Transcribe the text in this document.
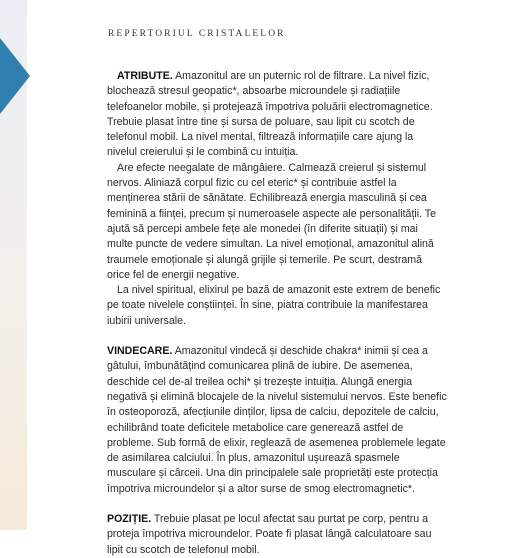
REPERTORIUL CRISTALELOR
ATRIBUTE. Amazonitul are un puternic rol de filtrare. La nivel fizic,
blochează stresul geopatic*, absoarbe microundele și radiațiile
telefoanelor mobile, și protejează împotriva poluării electromagnetice.
Trebuie plasat între tine și sursa de poluare, sau lipit cu scotch de
telefonul mobil. La nivel mental, filtrează informațiile care ajung la
nivelul creierului și le combină cu intuiția.
Are efecte neegalate de mângâiere. Calmează creierul și sistemul
nervos. Aliniază corpul fizic cu cel eteric* și contribuie astfel la
menținerea stării de sănătate. Echilibrează energia masculină și cea
feminină a ființei, precum și numeroasele aspecte ale personalității. Te
ajută să percepi ambele fețe ale monedei (în diferite situații) și mai
multe puncte de vedere simultan. La nivel emoțional, amazonitul alină
traumele emoționale și alungă grijile și temerile. Pe scurt, destramă
orice fel de energii negative.
La nivel spiritual, elixirul pe bază de amazonit este extrem de benefic
pe toate nivelele conștiinței. În sine, piatra contribuie la manifestarea
iubirii universale.
VINDECARE. Amazonitul vindecă și deschide chakra* inimii și cea a
gâtului, îmbunătățind comunicarea plină de iubire. De asemenea,
deschide cel de-al treilea ochi* și trezește intuiția. Alungă energia
negativă și elimină blocajele de la nivelul sistemului nervos. Este benefic
în osteoporoză, afecțiunile dinților, lipsa de calciu, depozitele de calciu,
echilibrând toate deficitele metabolice care generează astfel de
probleme. Sub formă de elixir, reglează de asemenea problemele legate
de asimilarea calciului. În plus, amazonitul ușurează spasmele
musculare și cârceii. Una din principalele sale proprietăți este protecția
împotriva microundelor și a altor surse de smog electromagnetic*.
POZIȚIE. Trebuie plasat pe locul afectat sau purtat pe corp, pentru a
proteja împotriva microundelor. Poate fi plasat lângă calculatoare sau
lipit cu scotch de telefonul mobil.
